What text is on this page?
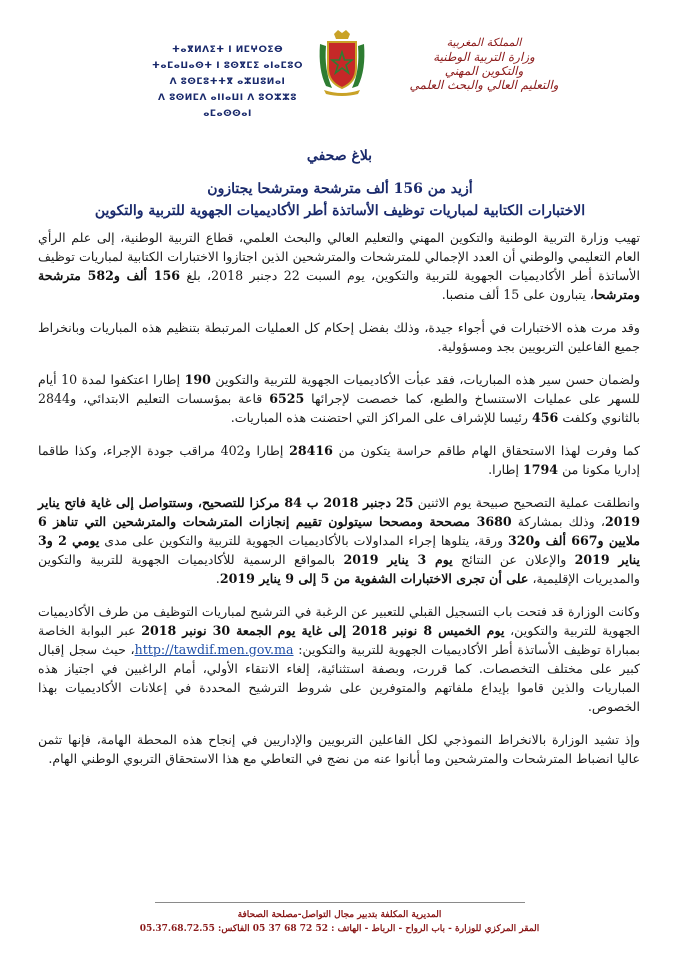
ⵜⴰⴳⵍⴷⵉⵜ ⵏ ⵍⵎⵖⵔⵉⴱ
ⵜⴰⵎⴰⵡⴰⵙⵜ ⵏ ⵓⵙⴳⵎⵉ ⴰⵏⴰⵎⵓⵔ
ⴷ ⵓⵙⵎⵓⵜⵜⴳ ⴰⵣⵡⵓⵍⴰⵏ
ⴷ ⵓⵙⵍⵎⴷ ⴰⵏⵏⴰⵡⵏ ⴷ ⵓⵔⵣⵣⵓ ⴰⵎⴰⵙⵙⴰⵏ
المملكة المغربية
وزارة التربية الوطنية
والتكوين المهني
والتعليم العالي والبحث العلمي
بلاغ صحفي
أزيد من 156 ألف مترشحة ومترشحا يجتازون
الاختبارات الكتابية لمباريات توظيف الأساتذة أطر الأكاديميات الجهوية للتربية والتكوين

تهيب وزارة التربية الوطنية والتكوين المهني والتعليم العالي والبحث العلمي، قطاع التربية الوطنية، إلى علم الرأي العام التعليمي والوطني أن العدد الإجمالي للمترشحات والمترشحين الذين اجتازوا الاختبارات الكتابية لمباريات توظيف الأساتذة أطر الأكاديميات الجهوية للتربية والتكوين، يوم السبت 22 دجنبر 2018، بلغ 156 ألف و582 مترشحة ومترشحا، يتبارون على 15 ألف منصبا.

وقد مرت هذه الاختبارات في أجواء جيدة، وذلك بفضل إحكام كل العمليات المرتبطة بتنظيم هذه المباريات وبانخراط جميع الفاعلين التربويين بجد ومسؤولية.

ولضمان حسن سير هذه المباريات، فقد عبأت الأكاديميات الجهوية للتربية والتكوين 190 إطارا اعتكفوا لمدة 10 أيام للسهر على عمليات الاستنساخ والطبع، كما خصصت لإجرائها 6525 قاعة بمؤسسات التعليم الابتدائي، و2844 بالثانوي وكلفت 456 رئيسا للإشراف على المراكز التي احتضنت هذه المباريات.

كما وفرت لهذا الاستحقاق الهام طاقم حراسة يتكون من 28416 إطارا و402 مراقب جودة الإجراء، وكذا طاقما إداريا مكونا من 1794 إطارا.

وانطلقت عملية التصحيح صبيحة يوم الاثنين 25 دجنبر 2018 ب 84 مركزا للتصحيح، وستتواصل إلى غاية فاتح يناير 2019، وذلك بمشاركة 3680 مصححة ومصححا سيتولون تقييم إنجازات المترشحات والمترشحين التي تناهز 6 ملايين و667 ألف و320 ورقة، يتلوها إجراء المداولات بالأكاديميات الجهوية للتربية والتكوين على مدى يومي 2 و3 يناير 2019 والإعلان عن النتائج يوم 3 يناير 2019 بالمواقع الرسمية للأكاديميات الجهوية للتربية والتكوين والمديريات الإقليمية، على أن تجرى الاختبارات الشفوية من 5 إلى 9 يناير 2019.

وكانت الوزارة قد فتحت باب التسجيل القبلي للتعبير عن الرغبة في الترشيح لمباريات التوظيف من طرف الأكاديميات الجهوية للتربية والتكوين، يوم الخميس 8 نونبر 2018 إلى غاية يوم الجمعة 30 نونبر 2018 عبر البوابة الخاصة بمباراة توظيف الأساتذة أطر الأكاديميات الجهوية للتربية والتكوين: http://tawdif.men.gov.ma، حيث سجل إقبال كبير على مختلف التخصصات. كما قررت، وبصفة استثنائية، إلغاء الانتقاء الأولي، أمام الراغبين في اجتياز هذه المباريات والذين قاموا بإيداع ملفاتهم والمتوفرين على شروط الترشيح المحددة في إعلانات الأكاديميات بهذا الخصوص.

وإذ تشيد الوزارة بالانخراط النموذجي لكل الفاعلين التربويين والإداريين في إنجاح هذه المحطة الهامة، فإنها تثمن عاليا انضباط المترشحات والمترشحين وما أبانوا عنه من نضج في التعاطي مع هذا الاستحقاق التربوي الوطني الهام.

المديرية المكلفة بتدبير مجال التواصل-مصلحة الصحافة
المقر المركزي للوزارة - باب الرواح - الرباط - الهاتف : 52 72 68 37 05 الفاكس: 05.37.68.72.55
